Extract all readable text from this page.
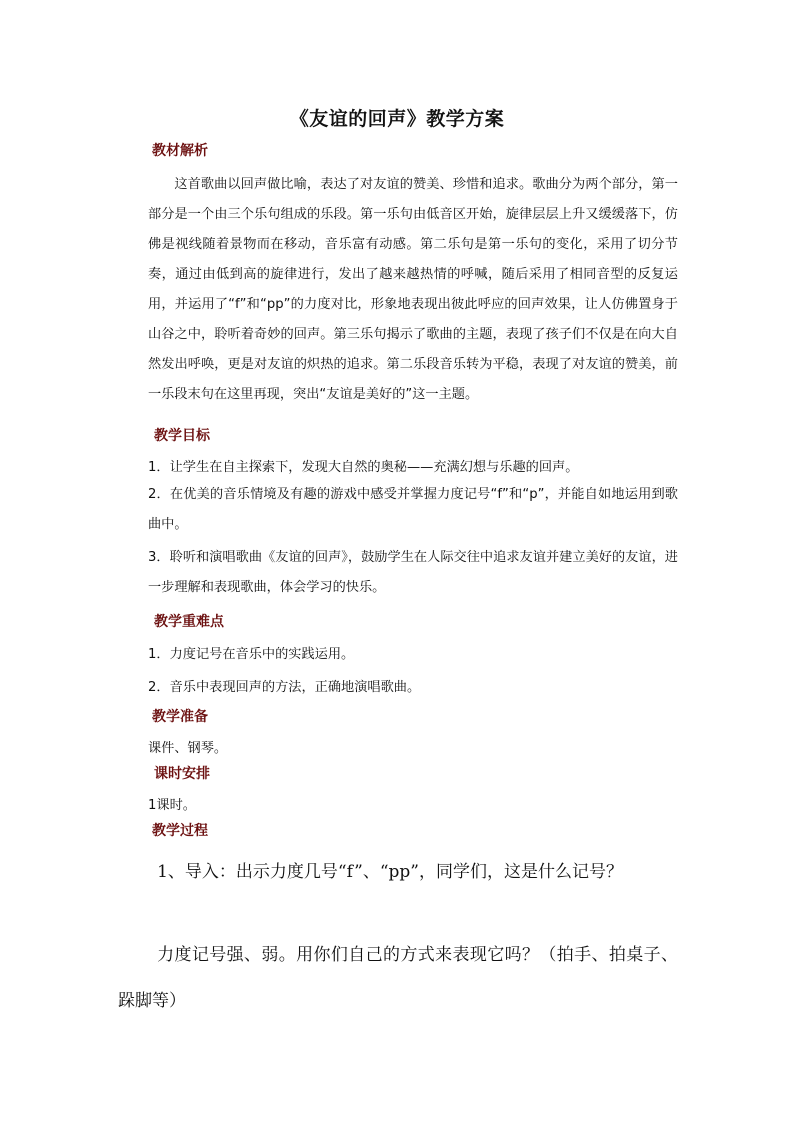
《友谊的回声》教学方案
教材解析
这首歌曲以回声做比喻，表达了对友谊的赞美、珍惜和追求。歌曲分为两个部分，第一部分是一个由三个乐句组成的乐段。第一乐句由低音区开始，旋律层层上升又缓缓落下，仿佛是视线随着景物而在移动，音乐富有动感。第二乐句是第一乐句的变化，采用了切分节奏，通过由低到高的旋律进行，发出了越来越热情的呼喊，随后采用了相同音型的反复运用，并运用了“f”和“pp”的力度对比，形象地表现出彼此呼应的回声效果，让人仿佛置身于山谷之中，聆听着奇妙的回声。第三乐句揭示了歌曲的主题，表现了孩子们不仅是在向大自然发出呼唤，更是对友谊的炽热的追求。第二乐段音乐转为平稳，表现了对友谊的赞美，前一乐段末句在这里再现，突出“友谊是美好的”这一主题。
教学目标
1．让学生在自主探索下，发现大自然的奥秘——充满幻想与乐趣的回声。
2．在优美的音乐情境及有趣的游戏中感受并掌握力度记号“f”和“p”，并能自如地运用到歌曲中。
3．聆听和演唱歌曲《友谊的回声》，鼓励学生在人际交往中追求友谊并建立美好的友谊，进一步理解和表现歌曲，体会学习的快乐。
教学重难点
1．力度记号在音乐中的实践运用。
2．音乐中表现回声的方法，正确地演唱歌曲。
教学准备
课件、钢琴。
课时安排
1课时。
教学过程
1、导入：出示力度几号“f”、“pp”，同学们，这是什么记号？
力度记号强、弱。用你们自己的方式来表现它吗？（拍手、拍桌子、跺脚等）
